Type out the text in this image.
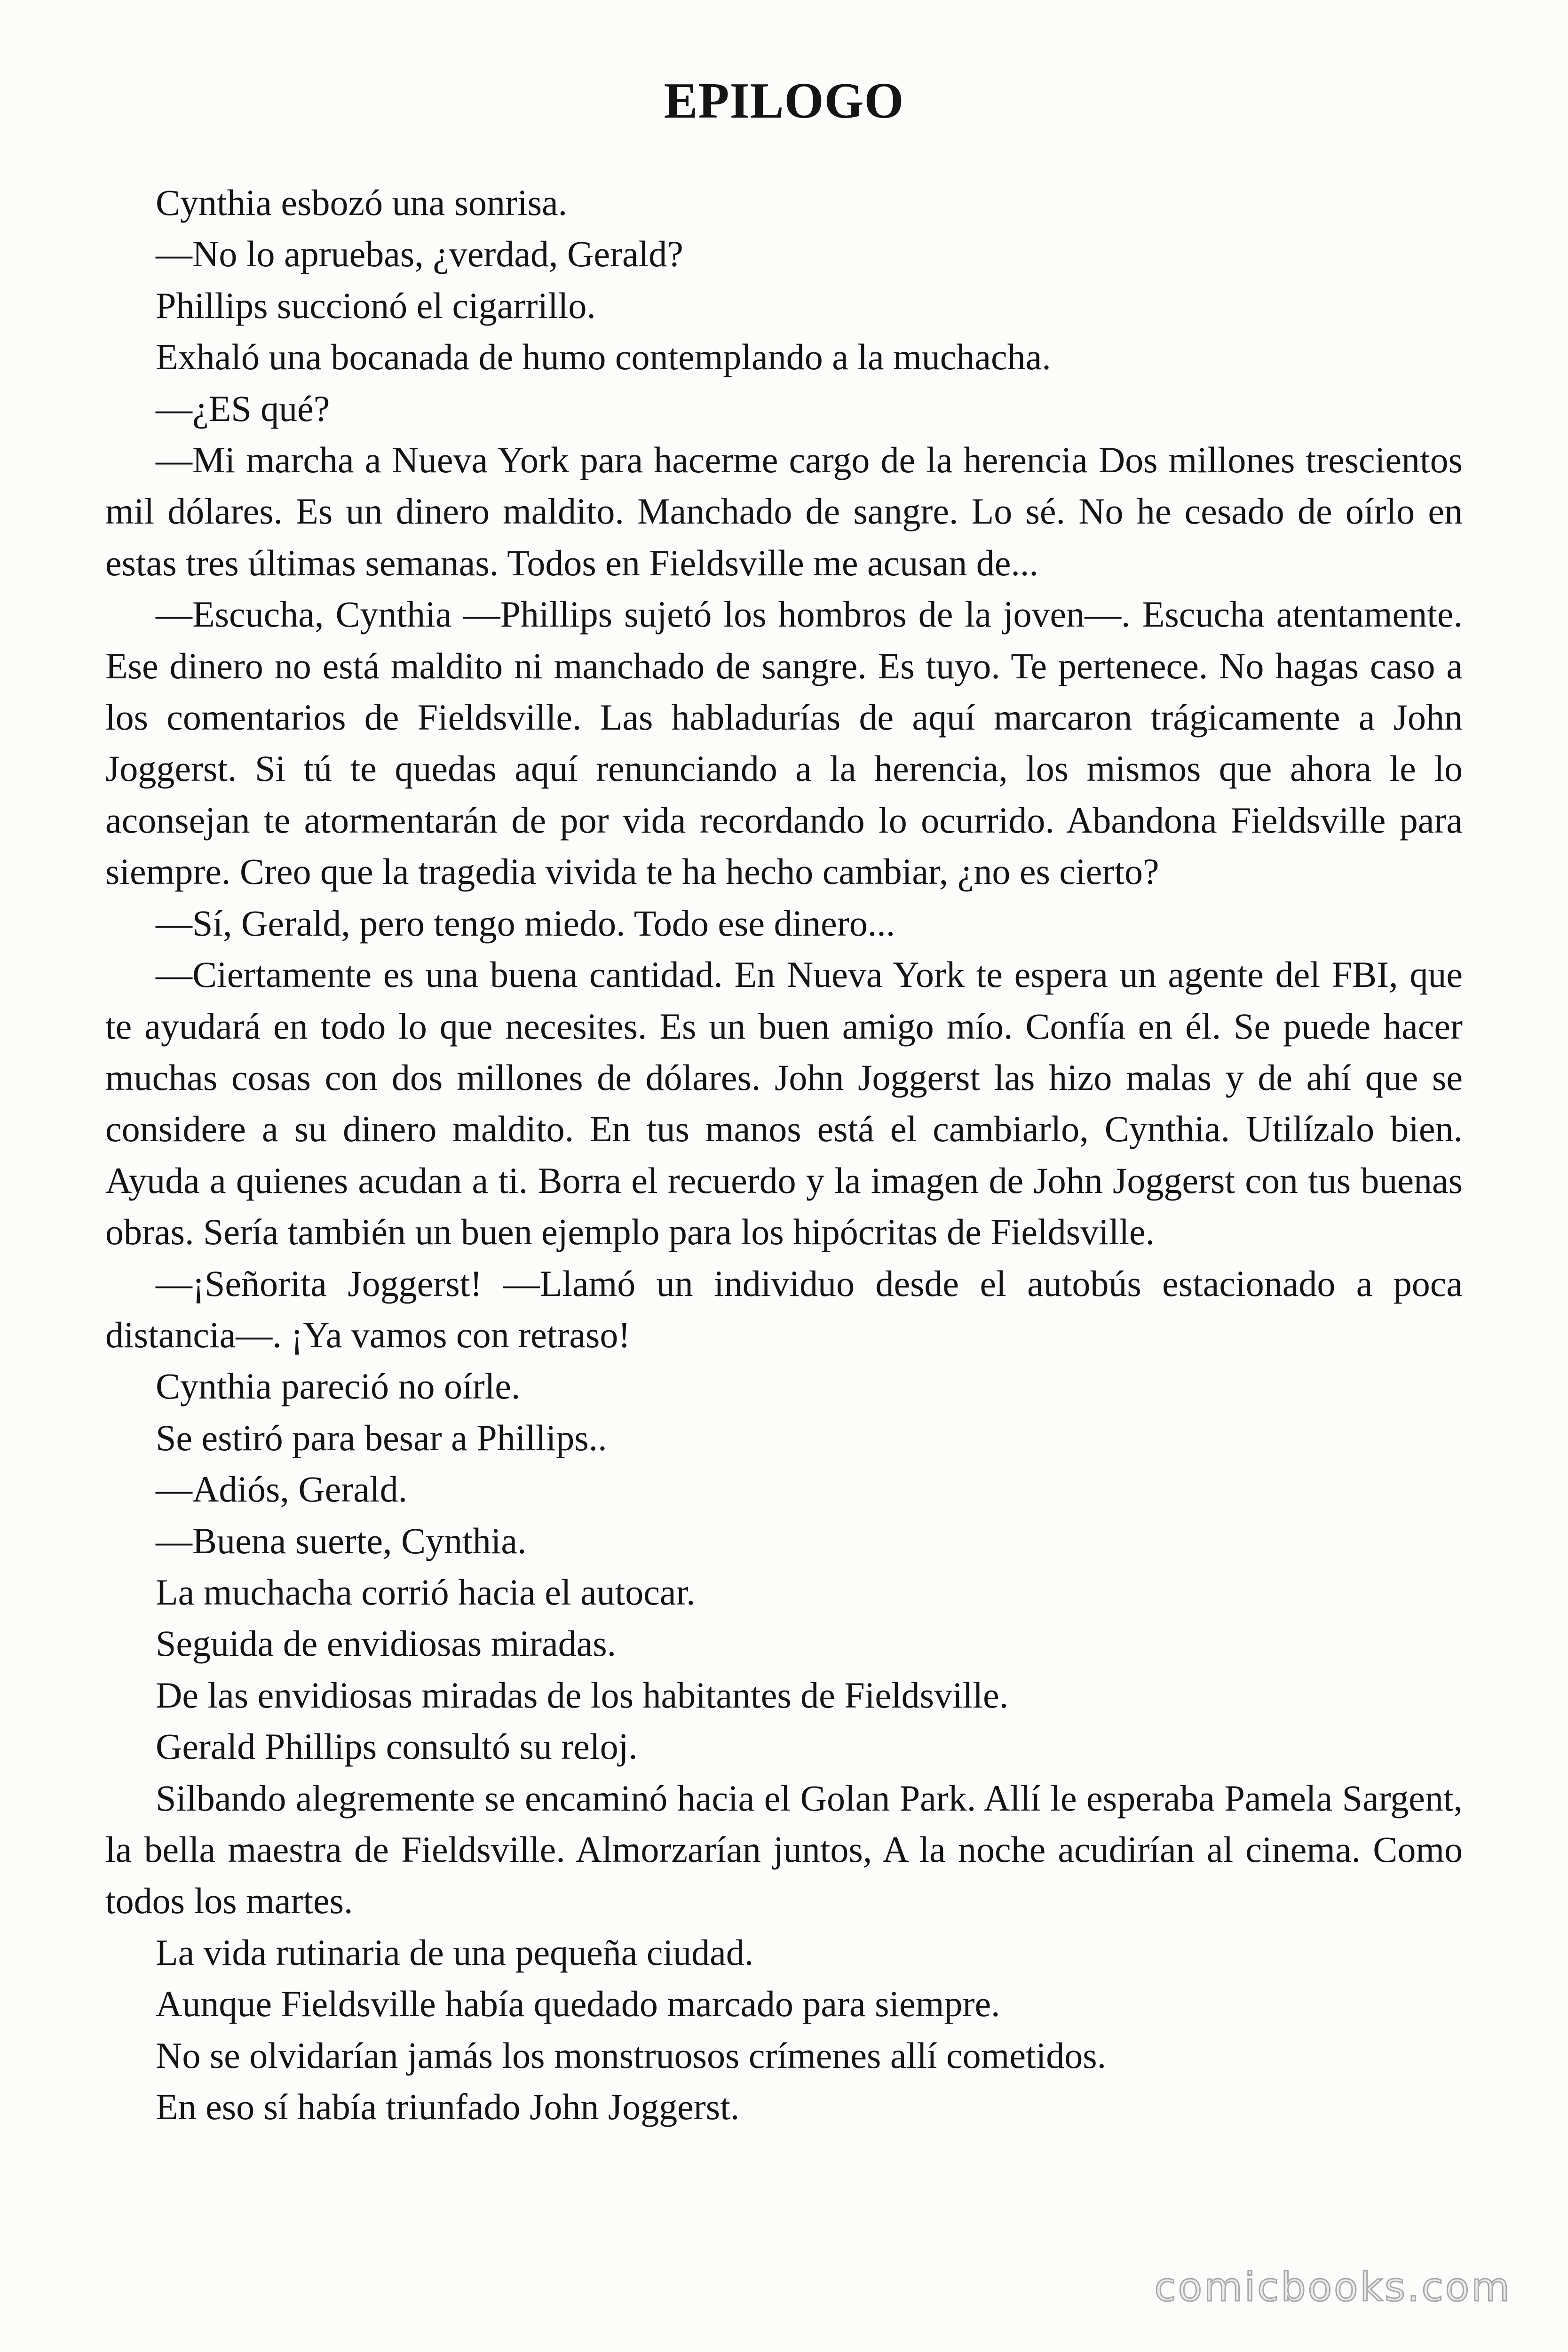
EPILOGO

Cynthia esbozó una sonrisa.

—No lo apruebas, ¿verdad, Gerald?

Phillips succionó el cigarrillo.

Exhaló una bocanada de humo contemplando a la muchacha.

—¿ES qué?

—Mi marcha a Nueva York para hacerme cargo de la herencia Dos millones trescientos mil dólares. Es un dinero maldito. Manchado de sangre. Lo sé. No he cesado de oírlo en estas tres últimas semanas. Todos en Fieldsville me acusan de...

—Escucha, Cynthia —Phillips sujetó los hombros de la joven—. Escucha atentamente. Ese dinero no está maldito ni manchado de sangre. Es tuyo. Te pertenece. No hagas caso a los comentarios de Fieldsville. Las habladurías de aquí marcaron trágicamente a John Joggerst. Si tú te quedas aquí renunciando a la herencia, los mismos que ahora le lo aconsejan te atormentarán de por vida recordando lo ocurrido. Abandona Fieldsville para siempre. Creo que la tragedia vivida te ha hecho cambiar, ¿no es cierto?

—Sí, Gerald, pero tengo miedo. Todo ese dinero...

—Ciertamente es una buena cantidad. En Nueva York te espera un agente del FBI, que te ayudará en todo lo que necesites. Es un buen amigo mío. Confía en él. Se puede hacer muchas cosas con dos millones de dólares. John Joggerst las hizo malas y de ahí que se considere a su dinero maldito. En tus manos está el cambiarlo, Cynthia. Utilízalo bien. Ayuda a quienes acudan a ti. Borra el recuerdo y la imagen de John Joggerst con tus buenas obras. Sería también un buen ejemplo para los hipócritas de Fieldsville.

—¡Señorita Joggerst! —Llamó un individuo desde el autobús estacionado a poca distancia—. ¡Ya vamos con retraso!

Cynthia pareció no oírle.

Se estiró para besar a Phillips..

—Adiós, Gerald.

—Buena suerte, Cynthia.

La muchacha corrió hacia el autocar.

Seguida de envidiosas miradas.

De las envidiosas miradas de los habitantes de Fieldsville.

Gerald Phillips consultó su reloj.

Silbando alegremente se encaminó hacia el Golan Park. Allí le esperaba Pamela Sargent, la bella maestra de Fieldsville. Almorzarían juntos, A la noche acudirían al cinema. Como todos los martes.

La vida rutinaria de una pequeña ciudad.

Aunque Fieldsville había quedado marcado para siempre.

No se olvidarían jamás los monstruosos crímenes allí cometidos.

En eso sí había triunfado John Joggerst.

comicbooks.com
